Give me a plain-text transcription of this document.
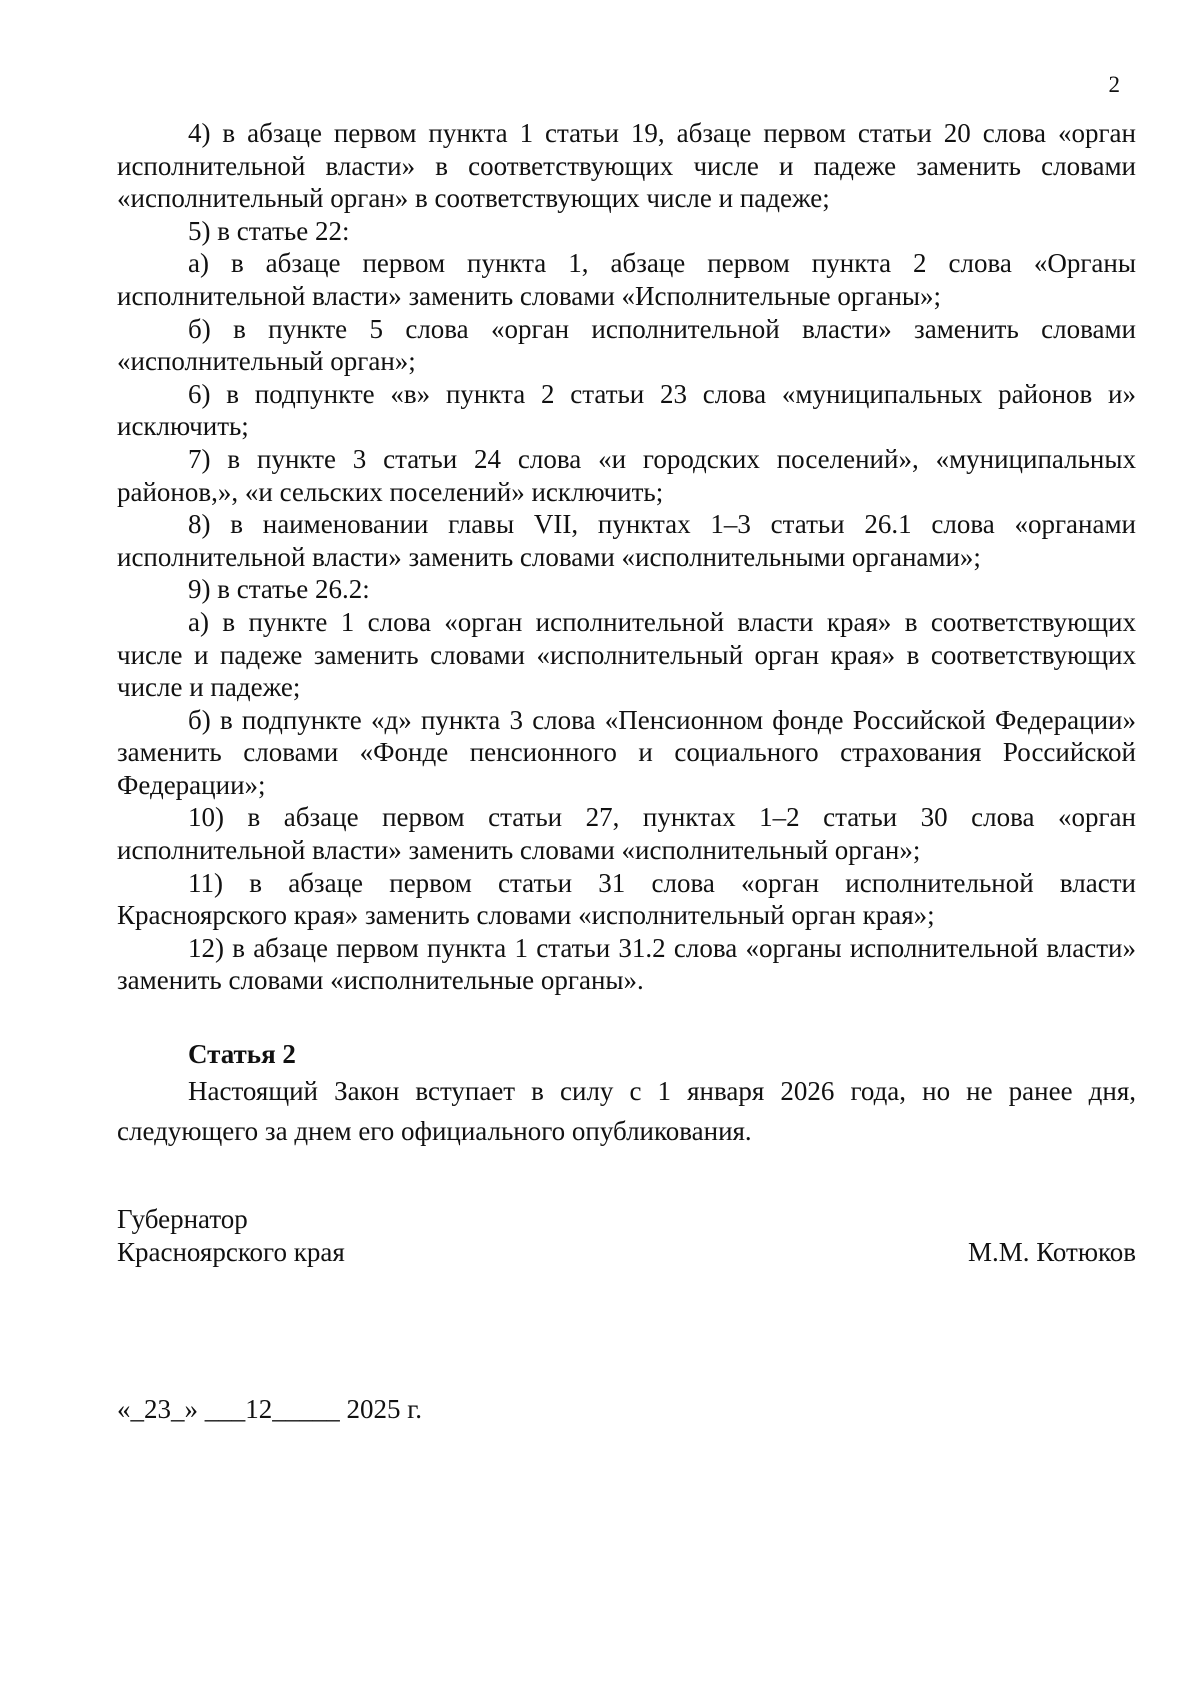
2

4) в абзаце первом пункта 1 статьи 19, абзаце первом статьи 20 слова «орган исполнительной власти» в соответствующих числе и падеже заменить словами «исполнительный орган» в соответствующих числе и падеже;

5) в статье 22:

а) в абзаце первом пункта 1, абзаце первом пункта 2 слова «Органы исполнительной власти» заменить словами «Исполнительные органы»;

б) в пункте 5 слова «орган исполнительной власти» заменить словами «исполнительный орган»;

6) в подпункте «в» пункта 2 статьи 23 слова «муниципальных районов и» исключить;

7) в пункте 3 статьи 24 слова «и городских поселений», «муниципальных районов,», «и сельских поселений» исключить;

8) в наименовании главы VII, пунктах 1–3 статьи 26.1 слова «органами исполнительной власти» заменить словами «исполнительными органами»;

9) в статье 26.2:

а) в пункте 1 слова «орган исполнительной власти края» в соответствующих числе и падеже заменить словами «исполнительный орган края» в соответствующих числе и падеже;

б) в подпункте «д» пункта 3 слова «Пенсионном фонде Российской Федерации» заменить словами «Фонде пенсионного и социального страхования Российской Федерации»;

10) в абзаце первом статьи 27, пунктах 1–2 статьи 30 слова «орган исполнительной власти» заменить словами «исполнительный орган»;

11) в абзаце первом статьи 31 слова «орган исполнительной власти Красноярского края» заменить словами «исполнительный орган края»;

12) в абзаце первом пункта 1 статьи 31.2 слова «органы исполнительной власти» заменить словами «исполнительные органы».

Статья 2

Настоящий Закон вступает в силу с 1 января 2026 года, но не ранее дня, следующего за днем его официального опубликования.

Губернатор
Красноярского края	М.М. Котюков
«_23_» ___12_____ 2025 г.
